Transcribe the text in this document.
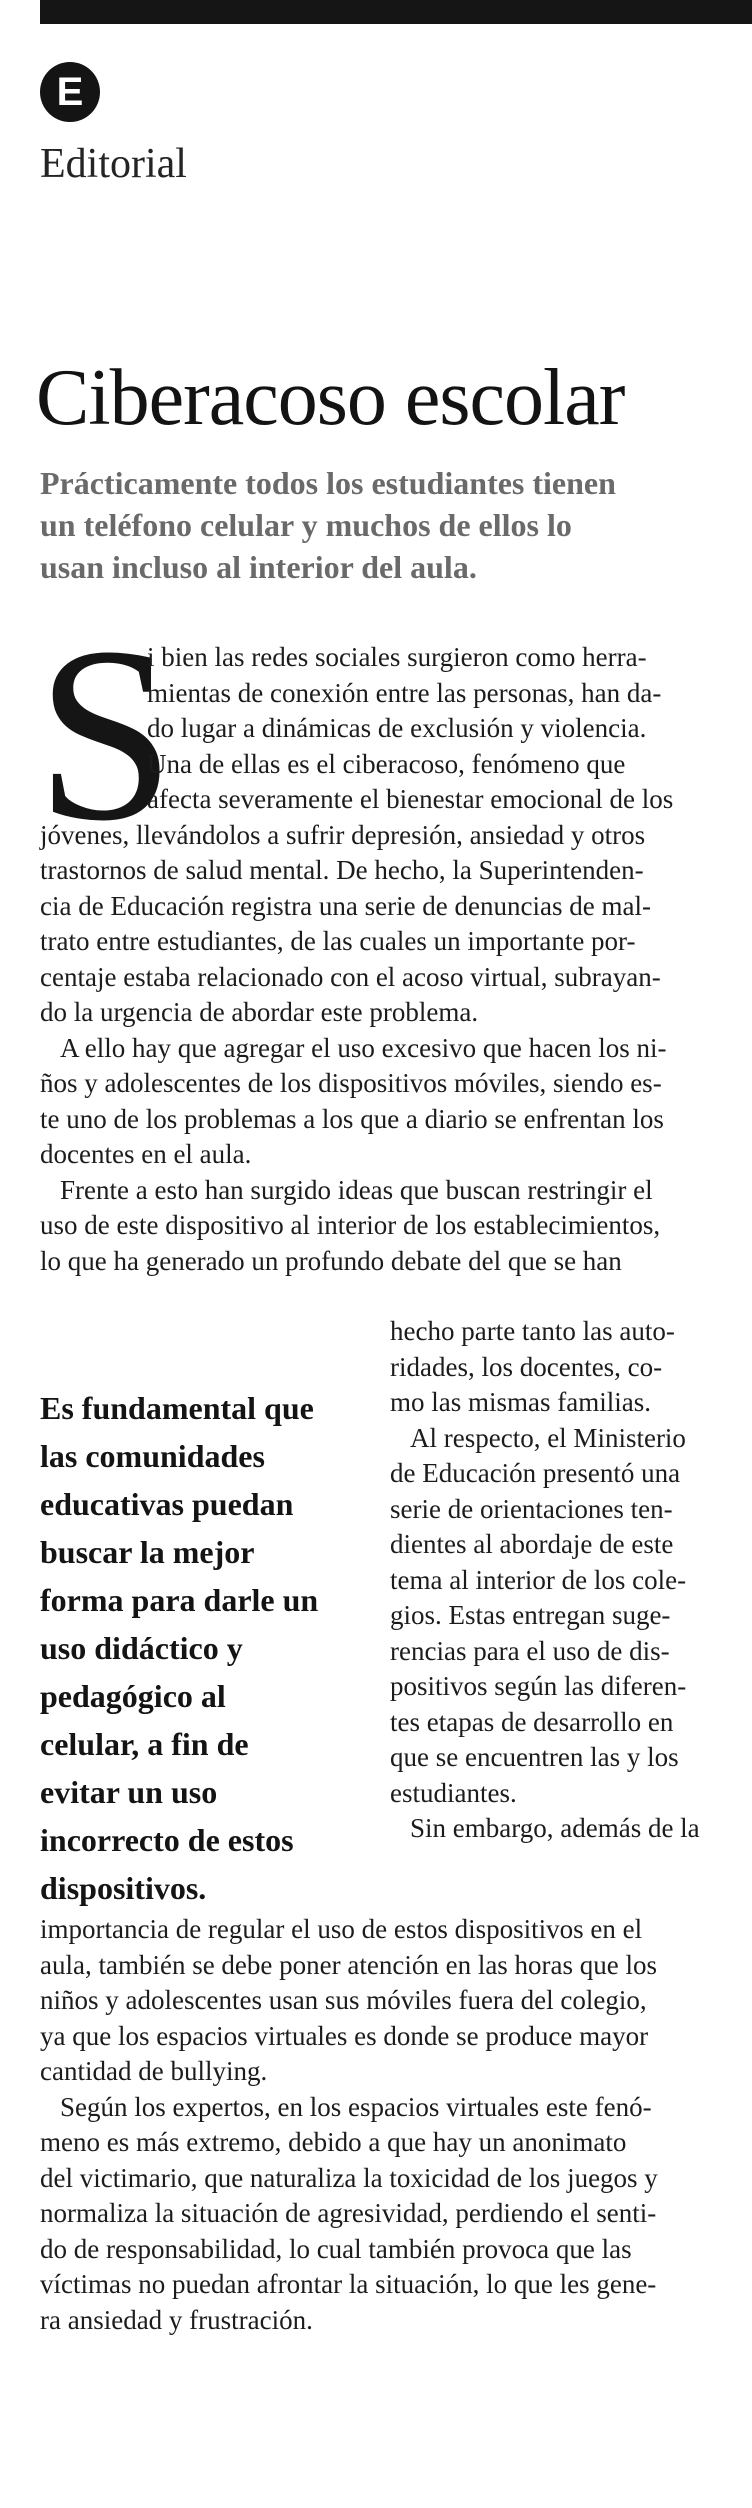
E
Editorial
Ciberacoso escolar
Prácticamente todos los estudiantes tienen
un teléfono celular y muchos de ellos lo
usan incluso al interior del aula.
S
i bien las redes sociales surgieron como herra-
mientas de conexión entre las personas, han da-
do lugar a dinámicas de exclusión y violencia.
Una de ellas es el ciberacoso, fenómeno que
afecta severamente el bienestar emocional de los
jóvenes, llevándolos a sufrir depresión, ansiedad y otros
trastornos de salud mental. De hecho, la Superintenden-
cia de Educación registra una serie de denuncias de mal-
trato entre estudiantes, de las cuales un importante por-
centaje estaba relacionado con el acoso virtual, subrayan-
do la urgencia de abordar este problema.
A ello hay que agregar el uso excesivo que hacen los ni-
ños y adolescentes de los dispositivos móviles, siendo es-
te uno de los problemas a los que a diario se enfrentan los
docentes en el aula.
Frente a esto han surgido ideas que buscan restringir el
uso de este dispositivo al interior de los establecimientos,
lo que ha generado un profundo debate del que se han
Es fundamental que
las comunidades
educativas puedan
buscar la mejor
forma para darle un
uso didáctico y
pedagógico al
celular, a fin de
evitar un uso
incorrecto de estos
dispositivos.
hecho parte tanto las auto-
ridades, los docentes, co-
mo las mismas familias.
Al respecto, el Ministerio
de Educación presentó una
serie de orientaciones ten-
dientes al abordaje de este
tema al interior de los cole-
gios. Estas entregan suge-
rencias para el uso de dis-
positivos según las diferen-
tes etapas de desarrollo en
que se encuentren las y los
estudiantes.
Sin embargo, además de la
importancia de regular el uso de estos dispositivos en el
aula, también se debe poner atención en las horas que los
niños y adolescentes usan sus móviles fuera del colegio,
ya que los espacios virtuales es donde se produce mayor
cantidad de bullying.
Según los expertos, en los espacios virtuales este fenó-
meno es más extremo, debido a que hay un anonimato
del victimario, que naturaliza la toxicidad de los juegos y
normaliza la situación de agresividad, perdiendo el senti-
do de responsabilidad, lo cual también provoca que las
víctimas no puedan afrontar la situación, lo que les gene-
ra ansiedad y frustración.
